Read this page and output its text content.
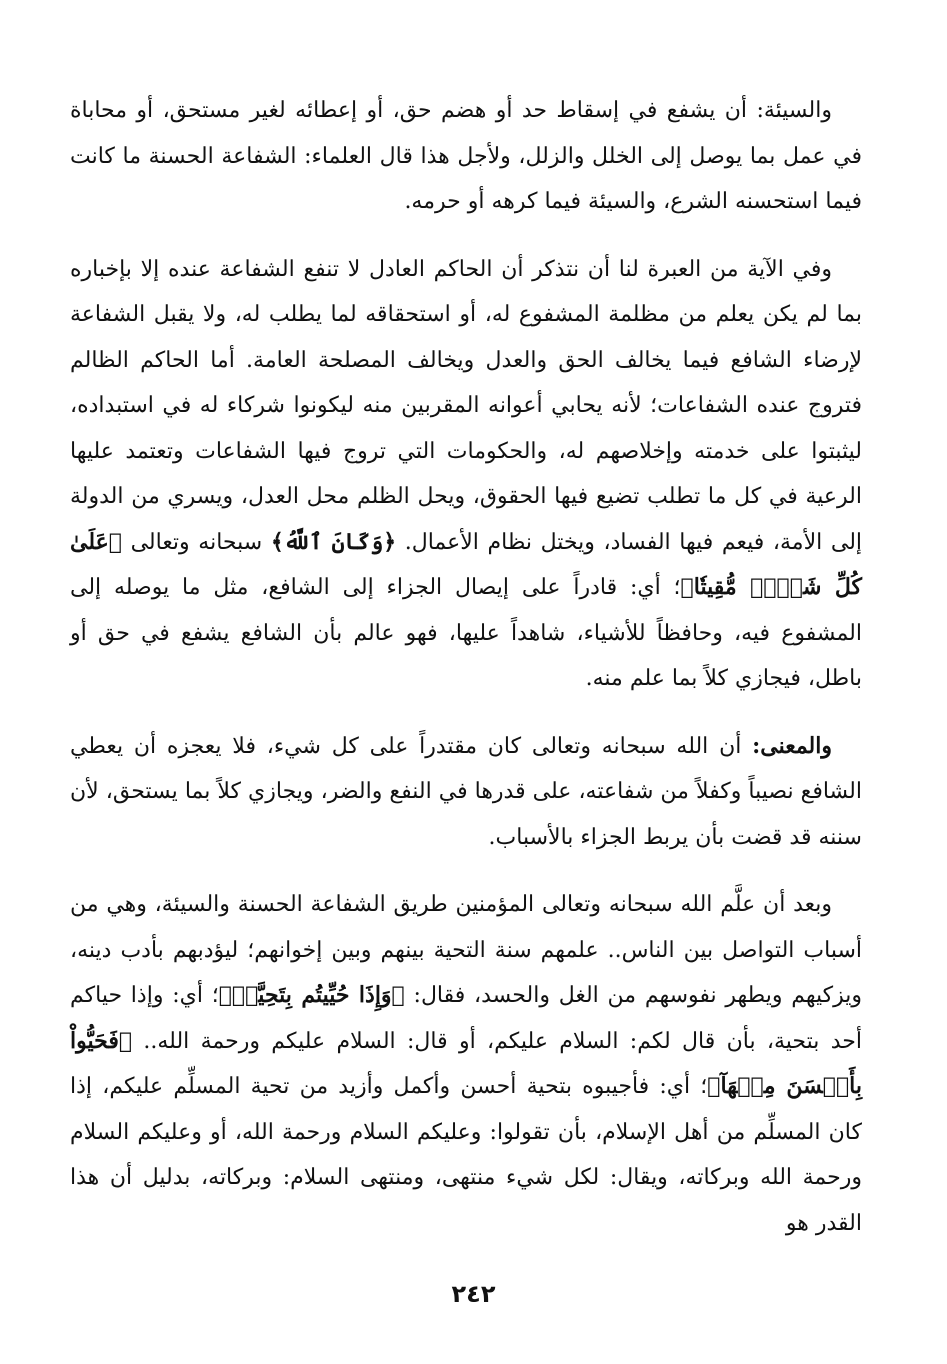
والسيئة: أن يشفع في إسقاط حد أو هضم حق، أو إعطائه لغير مستحق، أو محاباة في عمل بما يوصل إلى الخلل والزلل، ولأجل هذا قال العلماء: الشفاعة الحسنة ما كانت فيما استحسنه الشرع، والسيئة فيما كرهه أو حرمه.

وفي الآية من العبرة لنا أن نتذكر أن الحاكم العادل لا تنفع الشفاعة عنده إلا بإخباره بما لم يكن يعلم من مظلمة المشفوع له، أو استحقاقه لما يطلب له، ولا يقبل الشفاعة لإرضاء الشافع فيما يخالف الحق والعدل ويخالف المصلحة العامة. أما الحاكم الظالم فتروج عنده الشفاعات؛ لأنه يحابي أعوانه المقربين منه ليكونوا شركاء له في استبداده، ليثبتوا على خدمته وإخلاصهم له، والحكومات التي تروج فيها الشفاعات وتعتمد عليها الرعية في كل ما تطلب تضيع فيها الحقوق، ويحل الظلم محل العدل، ويسري من الدولة إلى الأمة، فيعم فيها الفساد، ويختل نظام الأعمال. ﴿وَكَانَ ٱللَّهُ﴾ سبحانه وتعالى ﴿عَلَىٰ كُلِّ شَيۡءٖ مُّقِيتٗا﴾؛ أي: قادراً على إيصال الجزاء إلى الشافع، مثل ما يوصله إلى المشفوع فيه، وحافظاً للأشياء، شاهداً عليها، فهو عالم بأن الشافع يشفع في حق أو باطل، فيجازي كلاً بما علم منه.

والمعنى: أن الله سبحانه وتعالى كان مقتدراً على كل شيء، فلا يعجزه أن يعطي الشافع نصيباً وكفلاً من شفاعته، على قدرها في النفع والضر، ويجازي كلاً بما يستحق، لأن سننه قد قضت بأن يربط الجزاء بالأسباب.

وبعد أن علَّم الله سبحانه وتعالى المؤمنين طريق الشفاعة الحسنة والسيئة، وهي من أسباب التواصل بين الناس.. علمهم سنة التحية بينهم وبين إخوانهم؛ ليؤدبهم بأدب دينه، ويزكيهم ويطهر نفوسهم من الغل والحسد، فقال: ﴿وَإِذَا حُيِّيتُم بِتَحِيَّةٖ﴾؛ أي: وإذا حياكم أحد بتحية، بأن قال لكم: السلام عليكم، أو قال: السلام عليكم ورحمة الله.. ﴿فَحَيُّواْ بِأَحۡسَنَ مِنۡهَآ﴾؛ أي: فأجيبوه بتحية أحسن وأكمل وأزيد من تحية المسلِّم عليكم، إذا كان المسلِّم من أهل الإسلام، بأن تقولوا: وعليكم السلام ورحمة الله، أو وعليكم السلام ورحمة الله وبركاته، ويقال: لكل شيء منتهى، ومنتهى السلام: وبركاته، بدليل أن هذا القدر هو

٢٤٢
